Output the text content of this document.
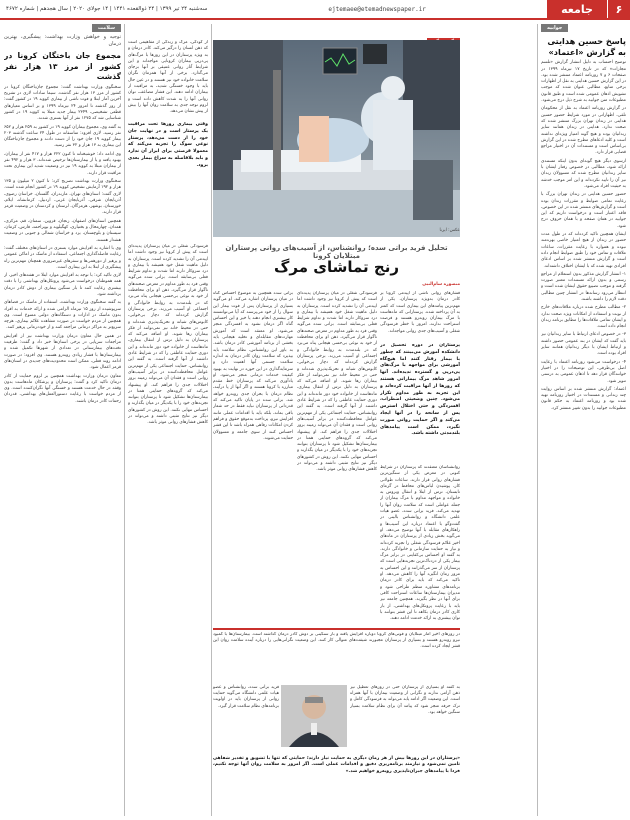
۶
جامعه
ejtemaee@etemadnewspaper.ir
سه‌شنبه ۲۴ تیر ۱۳۹۹ | ۲۴ ذوالقعده ۱۴۴۱ | ۱۴ جولای ۲۰۲۰ | سال هجدهم | شماره ۴۶۷۲
جوابیه
پاسخ حسین هدایتی به گزارش «اعتماد»

توضیح احتساب به دلیل انتشار گزارش «تلسم مجازات» که در تاریخ ۱۷ تیرماه ۱۳۹۹ در صفحات ۶ و ۷ روزنامه اعتماد منتشر شده بود. در این گزارش حسین هدایتی به نقل از اظهارات برخی منابع، مطالبی عنوان شده که موجب تشویش اذهان عمومی شده است و طبق قانون مطبوعات متن جوابیه به شرح ذیل درج می‌شود.

در گزارش روزنامه اعتماد به نقل از محکومان تلقی، اظهاراتی در مورد شرایط حضور حسین هدایتی در زندان تهران بزرگ منتشر شده که صحت ندارد. هدایتی در زندان همانند سایر زندانیان بوده و هیچ گونه امتیاز ویژه‌ای نداشته است و کلیه ادعاهای مطرح شده در این گزارش بی‌اساس است و مستندات آن در اختیار مراجع قضایی قرار دارد.

ازسوی دیگر هیچ گونه‌ای بدون اینکه مستندی ارائه شود، مطالبی در خصوص رفتار ایشان با سایر زندانیان مطرح شده که مسوولان زندان نیز آن را تایید نکرده‌اند و این امر موجب خدشه به حیثیت افراد می‌شود.

حضور حسین هدایتی در زندان تهران بزرگ با رعایت تمامی ضوابط و مقررات زندان بوده است و گزارش‌های منتشر شده در این خصوص، فاقد اعتبار است و درخواست داریم که این جوابیه در همان صفحه و با همان حروف درج شود.

ایشان همچنین تاکید کرده‌اند که در طول مدت حضور در زندان از هیچ امتیاز خاصی بهره‌مند نبوده و همواره با رعایت مقررات، ساعات ملاقات و تماس خود را طبق ضوابط انجام داده است و گزارش منتشر شده بر اساس ادعای افرادی تهیه شده که با ایشان اختلاف داشته‌اند.

۱- انتشار گزارش مذکور بدون استعلام از مراجع رسمی و بدون ارائه مستندات معتبر صورت گرفته و موجب تضییع حقوق ایشان شده است و انتظار می‌رود رسانه‌ها در انتشار چنین مطالبی دقت لازم را داشته باشند.

۲- مطالب مطرح شده درباره ملاقات‌های خارج از نوبت و استفاده از امکانات ویژه صحت ندارد و ایشان تمامی ملاقات‌ها را مطابق برنامه زندان انجام داده است.

۳- در خصوص ادعای ارتباط با سایر زندانیان نیز باید گفت که ایشان در بند عمومی حضور داشته و ارتباط ایشان با دیگر زندانیان همانند سایر افراد بوده است.

۴- درخواست می‌شود روزنامه اعتماد با رعایت اصل بی‌طرفی، این توضیحات را در اختیار خوانندگان قرار دهد تا اذهان عمومی به درستی تنویر شود.

اعتماد: گزارش منتشر شده بر اساس روایت چند زندانی و مستندات در اختیار روزنامه تهیه شده بود و روزنامه اعتماد به حکم قانون مطبوعات جوابیه را بدون تغییر منتشر کرد.

عکس: ایرنا
تحلیل فرید براتی سده؛ روانشناس، از آسیب‌های روانی پرستاران مبتلایان کرونا
رنج تماشای مرگ
منصوره سام‌النبی
فشارهای روانی ناشی از اپیدمی کرونا بر کادر درمان به‌ویژه پرستاران، یکی از مهم‌ترین پیامدهای این بیماری است که کمتر به آن پرداخته شده. پرستارانی که ماه‌هاست با مرگ بیماران روبه‌رو هستند و فرصت استراحت ندارند، امروز با خطر فرسودگی شغلی و آسیب‌های جدی روانی مواجه‌اند.
پرستاران در دوره تحصیل در دانشکده آموزش می‌بینند که چطور با بیمار رفتار کنند اما هیچ‌گاه آموزشی برای مواجهه با مرگ‌های پی‌درپی و گسترده ندیده‌اند. آنها امروز شاهد مرگ بیمارانی هستند که روزها از آنها مراقبت کرده‌اند و این تجربه به طور مداوم تکرار می‌شود. چنین وضعیتی اضطراب، افسردگی و حتی اختلال استرس پس از سانحه را در آنها ایجاد می‌کند و اگر حمایت روانی صورت نگیرد، ممکن است پیامدهای بلندمدتی داشته باشد.
روانشناسان معتقدند که پرستاران در شرایط کنونی در معرض یکی از سنگین‌ترین فشارهای روانی قرار دارند. ساعات طولانی کار، پوشیدن لباس‌های محافظ در گرمای تابستان، ترس از ابتلا و انتقال ویروس به خانواده و مواجهه مداوم با مرگ بیماران از جمله عواملی است که سلامت روان آنها را تهدید می‌کند. فرید براتی سده، عضو هیات علمی دانشگاه و روانشناس بالینی در گفت‌وگو با اعتماد درباره این آسیب‌ها و راهکارهای مقابله با آنها توضیح می‌دهد. او می‌گوید بخش زیادی از پرستاران در ماه‌های اخیر علائم فرسودگی شغلی را تجربه کرده‌اند و نیاز به حمایت سازمانی و خانوادگی دارند. به گفته او احساس بی‌کفایتی در برابر مرگ بیمار یکی از دردناک‌ترین تجربه‌هایی است که پرستاران از سر می‌گذرانند و این احساس به مرور زمان انگیزه آنها را کاهش می‌دهد. او تاکید می‌کند که باید برای کادر درمان برنامه‌های مشاوره منظم طراحی شود و مدیران بیمارستان‌ها ساعات استراحت کافی برای آنها در نظر بگیرند. همچنین جامعه نیز باید با رعایت پروتکل‌های بهداشتی، از بار کاری کادر درمان بکاهد تا این قشر بتوانند با توان بیشتری به ارائه خدمت ادامه دهند.
فرسودگی شغلی در میان پرستاران پدیده‌ای است که پیش از کرونا نیز وجود داشت اما اپیدمی آن را تشدید کرده است. پرستاران به دلیل ماهیت شغل خود همیشه با بیماری و درد سروکار دارند اما شدت و تداوم شرایط فعلی بی‌سابقه است. براتی سده می‌گوید وقتی فرد به طور مداوم در معرض صحنه‌های ناگوار قرار می‌گیرد، ذهن او برای محافظت از خود به نوعی بی‌حسی هیجانی پناه می‌برد که در بلندمدت به روابط خانوادگی و اجتماعی او آسیب می‌زند. برخی پرستاران گزارش کرده‌اند که دچار بی‌خوابی، کابوس‌های شبانه و تحریک‌پذیری شده‌اند و حتی در محیط خانه نیز نمی‌توانند از فکر بیماران رها شوند. او اضافه می‌کند که پرستاران به دلیل ترس از انتقال بیماری، ماه‌هاست از خانواده خود دور مانده‌اند و این دوری حمایت عاطفی را که در شرایط عادی داشتند از آنها گرفته است. به گفته این روانشناس، حمایت اجتماعی یکی از مهم‌ترین عوامل محافظت‌کننده در برابر آسیب‌های روانی است و فقدان آن می‌تواند زمینه بروز اختلالات جدی را فراهم کند. او پیشنهاد می‌کند که گروه‌های حمایتی همتا در بیمارستان‌ها تشکیل شود تا پرستاران بتوانند تجربه‌های خود را با یکدیگر در میان بگذارند و احساس تنهایی نکنند. این روش در کشورهای دیگر نیز نتایج مثبتی داشته و می‌تواند در کاهش فشارهای روانی موثر باشد.
براتی سده همچنین به موضوع احساس گناه در میان پرستاران اشاره می‌کند. او می‌گوید بسیاری از پرستاران پس از فوت بیمار این سوال را از خود می‌پرسند که آیا می‌توانستند کار بیشتری انجام دهند یا خیر و این احساس گناه اگر درمان نشود به افسردگی منجر می‌شود. او معتقد است که آموزش مهارت‌های مقابله‌ای و تخلیه هیجانی باید بخشی از برنامه آموزشی کادر درمان باشد. به باور این روانشناس، نظام سلامت باید بپذیرد که سلامت روان کادر درمان به اندازه سلامت جسمی آنها اهمیت دارد و سرمایه‌گذاری در این حوزه در نهایت به بهبود کیفیت خدمات درمانی منجر می‌شود. او یادآوری می‌کند که پرستاران خط مقدم مبارزه با کرونا هستند و اگر آنها از پا درآیند، نظام درمان با بحران جدی روبه‌رو خواهد شد. براتی سده در پایان تاکید می‌کند که قدردانی از پرستاران نباید فقط در حد شعار باقی بماند، بلکه باید با اقدامات عملی مانند افزایش نیرو، پرداخت به‌موقع حقوق و فراهم کردن امکانات رفاهی همراه باشد تا این قشر احساس کنند از سوی جامعه و مسوولان حمایت می‌شوند.
از کودکی، مرگ و زندگی از مفاهیمی است که ذهن انسان را درگیر می‌کند. کادر درمان و به ویژه پرستاران در این روزها با مرگ‌های پی‌درپی بیماران کرونایی مواجه‌اند و این شرایط آثار روانی عمیقی بر آنها برجای می‌گذارد. برخی از آنها همزمان نگران سلامت خانواده خود نیز هستند و در عین حال باید با وجود خستگی شدید، به مراقبت از بیماران ادامه دهند. این فشار مضاعف، توان روانی آنها را به شدت کاهش داده است و لزوم توجه جدی به سلامت روان آنها را بیش از پیش نشان می‌دهد.
وقتی بیماری روزها تحت مراقبت یک پرستار است و در نهایت جان خود را از دست می‌دهد، پرستار نوعی سوگ را تجربه می‌کند که معمولا فرصتی برای ابراز آن ندارد و باید بلافاصله به سراغ بیمار بعدی برود.
فرسودگی شغلی در میان پرستاران پدیده‌ای است که پیش از کرونا نیز وجود داشت اما اپیدمی آن را تشدید کرده است. پرستاران به دلیل ماهیت شغل خود همیشه با بیماری و درد سروکار دارند اما شدت و تداوم شرایط فعلی بی‌سابقه است. براتی سده می‌گوید وقتی فرد به طور مداوم در معرض صحنه‌های ناگوار قرار می‌گیرد، ذهن او برای محافظت از خود به نوعی بی‌حسی هیجانی پناه می‌برد که در بلندمدت به روابط خانوادگی و اجتماعی او آسیب می‌زند. برخی پرستاران گزارش کرده‌اند که دچار بی‌خوابی، کابوس‌های شبانه و تحریک‌پذیری شده‌اند و حتی در محیط خانه نیز نمی‌توانند از فکر بیماران رها شوند. او اضافه می‌کند که پرستاران به دلیل ترس از انتقال بیماری، ماه‌هاست از خانواده خود دور مانده‌اند و این دوری حمایت عاطفی را که در شرایط عادی داشتند از آنها گرفته است. به گفته این روانشناس، حمایت اجتماعی یکی از مهم‌ترین عوامل محافظت‌کننده در برابر آسیب‌های روانی است و فقدان آن می‌تواند زمینه بروز اختلالات جدی را فراهم کند. او پیشنهاد می‌کند که گروه‌های حمایتی همتا در بیمارستان‌ها تشکیل شود تا پرستاران بتوانند تجربه‌های خود را با یکدیگر در میان بگذارند و احساس تنهایی نکنند. این روش در کشورهای دیگر نیز نتایج مثبتی داشته و می‌تواند در کاهش فشارهای روانی موثر باشد.
در روزهای اخیر آمار مبتلایان و فوتی‌های کرونا دوباره افزایش یافته و بار سنگینی بر دوش کادر درمان گذاشته است. بیمارستان‌ها با کمبود نیرو روبه‌رو هستند و بسیاری از پرستاران مجبورند شیفت‌های متوالی کار کنند. این وضعیت نگرانی‌هایی را درباره آینده سلامت روان این قشر ایجاد کرده است.
فرید براتی سده، روانشناس و عضو هیات علمی دانشگاه می‌گوید حمایت روانی از پرستاران باید در اولویت برنامه‌های نظام سلامت قرار گیرد.
به گفته او بسیاری از پرستاران حتی در روزهای تعطیل نیز ذهن آرامی ندارند و نگرانی از وضعیت بیماران با آنها همراه است. این وضعیت اگر ادامه یابد می‌تواند به فرسودگی کامل و ترک حرفه منجر شود که پیامد آن برای نظام سلامت بسیار سنگین خواهد بود.
«پرستاران در این روزها بیش از هر زمان دیگری به حمایت نیاز دارند؛ حمایتی که تنها با تشویق و تقدیر شفاهی تامین نمی‌شود و نیازمند برنامه‌ریزی دقیق و اقدامات عملی است. اگر امروز به سلامت روان آنها توجه نکنیم، فردا با پیامدهای جبران‌ناپذیری روبه‌رو خواهیم شد.»
سلامت
توجیه و خواهش وزارت بهداشت: پیشگیری، بهترین درمان
مجموع جان باختگان کرونا در کشور از مرز ۱۳ هزار نفر گذشت

سخنگوی وزارت بهداشت گفت: مجموع جان‌باختگان کرونا در کشور از مرز ۱۳ هزار نفر گذشت. سیما سادات لاری در تشریح آخرین آمار ابتلا و فوت ناشی از بیماری کووید ۱۹ در کشور گفت: از روز گذشته تا امروز ۲۴ تیرماه ۱۳۹۹ و بر اساس معیارهای قطعی تشخیصی، ۲۳۴۹ بیمار جدید مبتلا به کووید ۱۹ در کشور شناسایی شد که ۱۲۷۵ نفر از آنها بستری شدند.

به گفته وی، مجموع بیماران کووید ۱۹ در کشور به ۲۵۹ هزار و ۶۵۲ نفر رسید. لاری افزود: متاسفانه در طول ۲۴ ساعت گذشته ۲۰۳ بیمار کووید ۱۹ جان خود را از دست دادند و مجموع جان‌باختگان این بیماری به ۱۳ هزار و ۳۲ نفر رسید.

وی ادامه داد: خوشبختانه تا کنون ۲۲۲ هزار و ۴۱۷ نفر از بیماران، بهبود یافته و یا از بیمارستان‌ها ترخیص شده‌اند. ۳ هزار و ۴۹۲ نفر از بیماران مبتلا به کووید ۱۹ نیز در وضعیت شدید این بیماری تحت مراقبت قرار دارند.

سخنگوی وزارت بهداشت تصریح کرد: تا کنون ۲ میلیون و ۱۳۵ هزار و ۱۹۲ آزمایش تشخیص کووید ۱۹ در کشور انجام شده است. لاری گفت: استان‌های تهران، مازندران، گلستان، خراسان رضوی، آذربایجان شرقی، آذربایجان غربی، اردبیل، کرمانشاه، ایلام، خوزستان، بوشهر، هرمزگان، لرستان و کردستان در وضعیت قرمز قرار دارند.

همچنین استان‌های اصفهان، زنجان، قزوین، سمنان، قم، مرکزی، همدان، چهارمحال و بختیاری، کهگیلویه و بویراحمد، فارس، کرمان، سیستان و بلوچستان، یزد و خراسان شمالی و جنوبی در وضعیت هشدار هستند.

وی با اشاره به افزایش موارد بستری در استان‌های مختلف گفت: رعایت فاصله‌گذاری اجتماعی، استفاده از ماسک در اماکن عمومی و پرهیز از دورهمی‌ها و سفرهای غیرضروری همچنان مهم‌ترین راه پیشگیری از ابتلا به این بیماری است.

لاری تاکید کرد: با توجه به افزایش موارد ابتلا در هفته‌های اخیر، از همه هموطنان درخواست می‌شود پروتکل‌های بهداشتی را با دقت بیشتری رعایت کنند تا بار سنگین بیماری از دوش کادر درمان برداشته شود.

به گفته سخنگوی وزارت بهداشت، استفاده از ماسک در فضاهای سرپوشیده از روز ۱۵ تیرماه الزامی شده و ارائه خدمات به افراد بدون ماسک در ادارات و دستگاه‌های دولتی ممنوع است. وی همچنین از مردم خواست در صورت مشاهده علائم بیماری، هرچه سریع‌تر به مراکز درمانی مراجعه کنند و از خوددرمانی پرهیز کنند.

در همین حال معاون درمان وزارت بهداشت نیز از افزایش مراجعات سرپایی در برخی استان‌ها خبر داد و گفت: ظرفیت تخت‌های بیمارستانی در تعدادی از شهرها تکمیل شده و بیمارستان‌ها با فشار زیادی روبه‌رو هستند. وی افزود: در صورت ادامه روند فعلی، ممکن است محدودیت‌های جدیدی در استان‌های قرمز اعمال شود.

معاون درمان وزارت بهداشت همچنین بر لزوم حمایت از کادر درمان تاکید کرد و گفت: پرستاران و پزشکان ماه‌هاست بدون وقفه در حال خدمت هستند و خستگی آنها نگران‌کننده است. وی از مردم خواست با رعایت دستورالعمل‌های بهداشتی، قدردان زحمات کادر درمان باشند.
